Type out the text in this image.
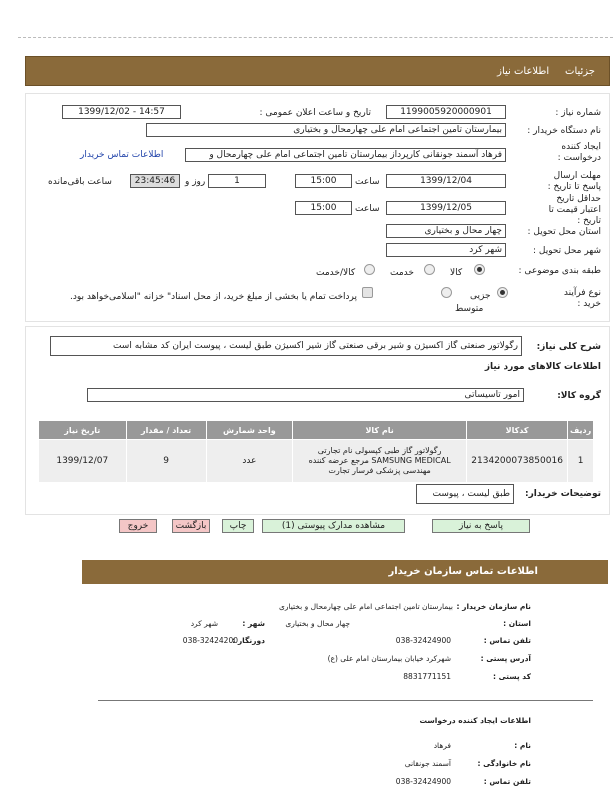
جزئیات     اطلاعات نیاز
شماره نیاز :
1199005920000901
تاریخ و ساعت اعلان عمومی :
1399/12/02 - 14:57
نام دستگاه خریدار :
بیمارستان تامین اجتماعی امام علی چهارمحال و بختیاری
ایجاد کننده درخواست :
فرهاد آسمند جونقانی کارپرداز بیمارستان تامین اجتماعی امام علی چهارمحال و
اطلاعات تماس خریدار
مهلت ارسال پاسخ تا تاریخ :
1399/12/04
ساعت
15:00
1
روز و
23:45:46
ساعت باقی‌مانده
حداقل تاریخ اعتبار قیمت تا تاریخ :
1399/12/05
ساعت
15:00
استان محل تحویل :
چهار محال و بختیاری
شهر محل تحویل :
شهر کرد
طبقه بندی موضوعی :
کالا
خدمت
کالا/خدمت
نوع فرآیند خرید :
جزیی
متوسط
پرداخت تمام یا بخشی از مبلغ خرید، از محل اسناد" خزانه "اسلامی‌خواهد بود.
شرح کلی نیاز:
رگولاتور صنعتی گاز اکسیژن و شیر برقی صنعتی گاز شیر اکسیژن طبق لیست ، پیوست ایران کد مشابه است
اطلاعات کالاهای مورد نیاز
گروه کالا:
امور تاسیساتی
ردیف	کدکالا	نام کالا	واحد شمارش	تعداد / مقدار	تاریخ نیاز
1	2134200073850016	رگولاتور گاز طبی کپسولی نام تجارتی SAMSUNG MEDICAL مرجع عرضه کننده مهندسی پزشکی فرسار تجارت	عدد	9	1399/12/07
توضیحات خریدار:
طبق لیست ، پیوست
پاسخ به نیاز
مشاهده مدارک پیوستی (1)
چاپ
بازگشت
خروج
اطلاعات تماس سازمان خریدار
نام سازمان خریدار :
بیمارستان تامین اجتماعی امام علی چهارمحال و بختیاری
استان :
چهار محال و بختیاری
شهر :
شهر کرد
تلفن تماس :
038-32424900
دورنگار :
038-32424200
آدرس پستی :
شهرکرد خیابان بیمارستان امام علی (ع)
کد پستی :
8831771151
اطلاعات ایجاد کننده درخواست
نام :
فرهاد
نام خانوادگی :
آسمند جونقانی
تلفن تماس :
038-32424900
